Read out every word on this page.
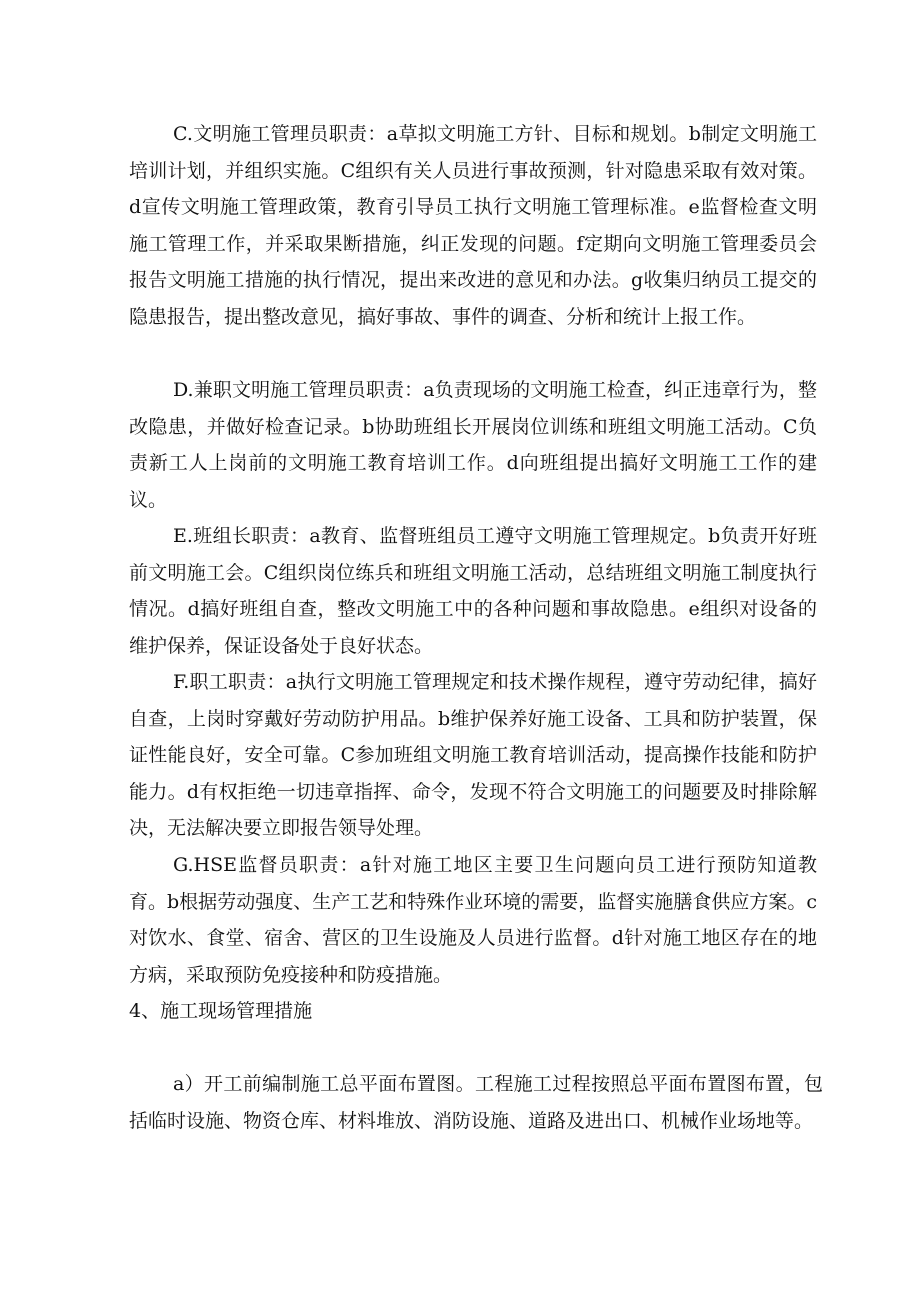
C.文明施工管理员职责：a草拟文明施工方针、目标和规划。b制定文明施工培训计划，并组织实施。C组织有关人员进行事故预测，针对隐患采取有效对策。d宣传文明施工管理政策，教育引导员工执行文明施工管理标准。e监督检查文明施工管理工作，并采取果断措施，纠正发现的问题。f定期向文明施工管理委员会报告文明施工措施的执行情况，提出来改进的意见和办法。g收集归纳员工提交的隐患报告，提出整改意见，搞好事故、事件的调查、分析和统计上报工作。

D.兼职文明施工管理员职责：a负责现场的文明施工检查，纠正违章行为，整改隐患，并做好检查记录。b协助班组长开展岗位训练和班组文明施工活动。C负责新工人上岗前的文明施工教育培训工作。d向班组提出搞好文明施工工作的建议。

E.班组长职责：a教育、监督班组员工遵守文明施工管理规定。b负责开好班前文明施工会。C组织岗位练兵和班组文明施工活动，总结班组文明施工制度执行情况。d搞好班组自查，整改文明施工中的各种问题和事故隐患。e组织对设备的维护保养，保证设备处于良好状态。

F.职工职责：a执行文明施工管理规定和技术操作规程，遵守劳动纪律，搞好自查，上岗时穿戴好劳动防护用品。b维护保养好施工设备、工具和防护装置，保证性能良好，安全可靠。C参加班组文明施工教育培训活动，提高操作技能和防护能力。d有权拒绝一切违章指挥、命令，发现不符合文明施工的问题要及时排除解决，无法解决要立即报告领导处理。

G.HSE监督员职责：a针对施工地区主要卫生问题向员工进行预防知道教育。b根据劳动强度、生产工艺和特殊作业环境的需要，监督实施膳食供应方案。c对饮水、食堂、宿舍、营区的卫生设施及人员进行监督。d针对施工地区存在的地方病，采取预防免疫接种和防疫措施。

4、施工现场管理措施

a）开工前编制施工总平面布置图。工程施工过程按照总平面布置图布置，包括临时设施、物资仓库、材料堆放、消防设施、道路及进出口、机械作业场地等。
